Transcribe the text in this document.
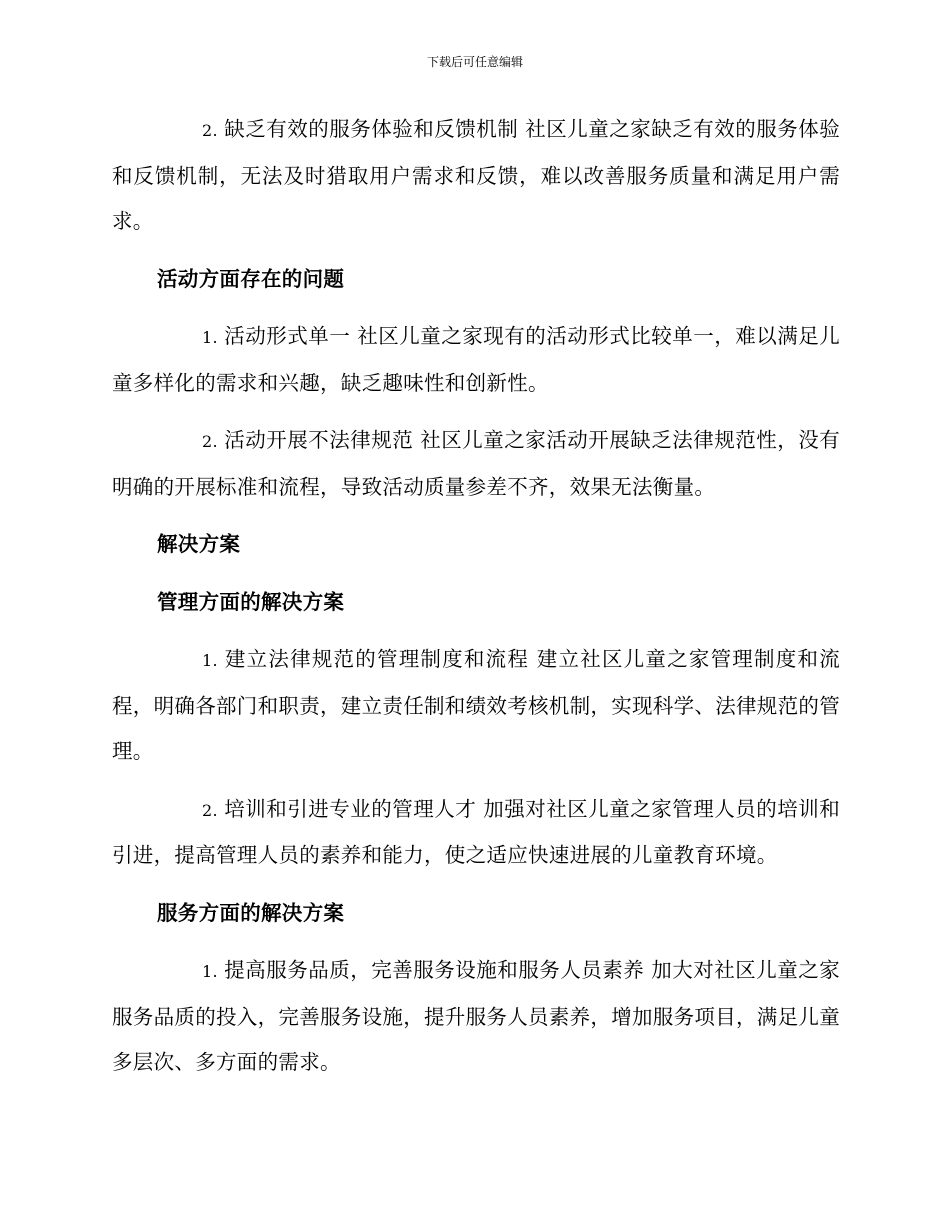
下载后可任意编辑

2. 缺乏有效的服务体验和反馈机制 社区儿童之家缺乏有效的服务体验和反馈机制，无法及时猎取用户需求和反馈，难以改善服务质量和满足用户需求。

活动方面存在的问题

1. 活动形式单一 社区儿童之家现有的活动形式比较单一，难以满足儿童多样化的需求和兴趣，缺乏趣味性和创新性。

2. 活动开展不法律规范 社区儿童之家活动开展缺乏法律规范性，没有明确的开展标准和流程，导致活动质量参差不齐，效果无法衡量。

解决方案
管理方面的解决方案

1. 建立法律规范的管理制度和流程 建立社区儿童之家管理制度和流程，明确各部门和职责，建立责任制和绩效考核机制，实现科学、法律规范的管理。

2. 培训和引进专业的管理人才 加强对社区儿童之家管理人员的培训和引进，提高管理人员的素养和能力，使之适应快速进展的儿童教育环境。

服务方面的解决方案

1. 提高服务品质，完善服务设施和服务人员素养 加大对社区儿童之家服务品质的投入，完善服务设施，提升服务人员素养，增加服务项目，满足儿童多层次、多方面的需求。
